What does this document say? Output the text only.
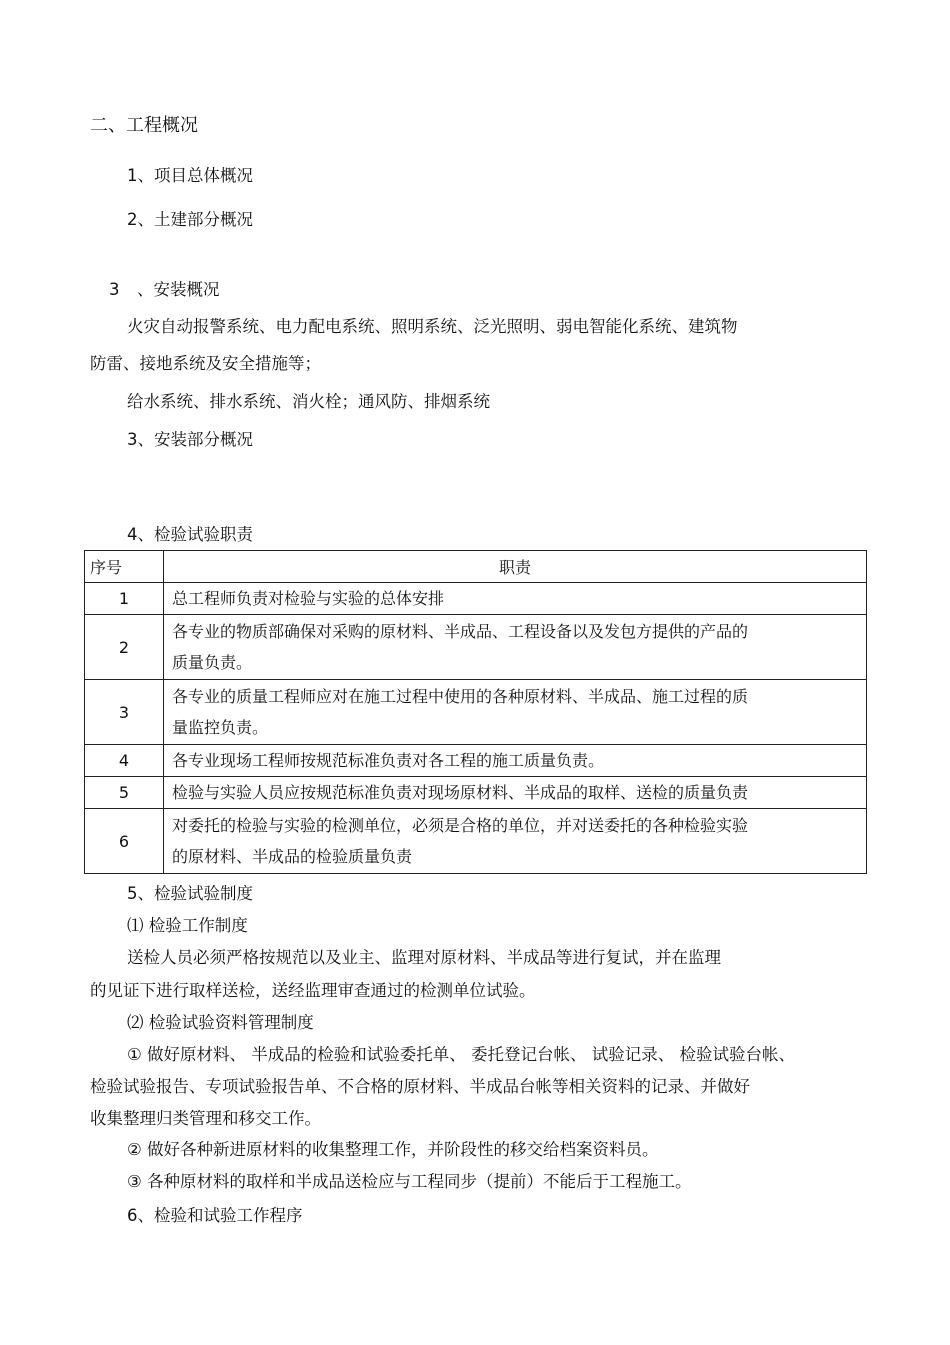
二、工程概况
1、项目总体概况
2、土建部分概况
3 、安装概况
火灾自动报警系统、电力配电系统、照明系统、泛光照明、弱电智能化系统、建筑物
防雷、接地系统及安全措施等；
给水系统、排水系统、消火栓；通风防、排烟系统
3、安装部分概况
4、检验试验职责
序号	职责
1	总工程师负责对检验与实验的总体安排

2	各专业的物质部确保对采购的原材料、半成品、工程设备以及发包方提供的产品的
质量负责。

3	各专业的质量工程师应对在施工过程中使用的各种原材料、半成品、施工过程的质
量监控负责。

4	各专业现场工程师按规范标准负责对各工程的施工质量负责。

5	检验与实验人员应按规范标准负责对现场原材料、半成品的取样、送检的质量负责

6	对委托的检验与实验的检测单位，必须是合格的单位，并对送委托的各种检验实验
的原材料、半成品的检验质量负责
5、检验试验制度
⑴ 检验工作制度
送检人员必须严格按规范以及业主、监理对原材料、半成品等进行复试，并在监理
的见证下进行取样送检，送经监理审查通过的检测单位试验。
⑵ 检验试验资料管理制度
① 做好原材料、 半成品的检验和试验委托单、 委托登记台帐、 试验记录、 检验试验台帐、
检验试验报告、专项试验报告单、不合格的原材料、半成品台帐等相关资料的记录、并做好
收集整理归类管理和移交工作。
② 做好各种新进原材料的收集整理工作，并阶段性的移交给档案资料员。
③ 各种原材料的取样和半成品送检应与工程同步（提前）不能后于工程施工。
6、检验和试验工作程序
